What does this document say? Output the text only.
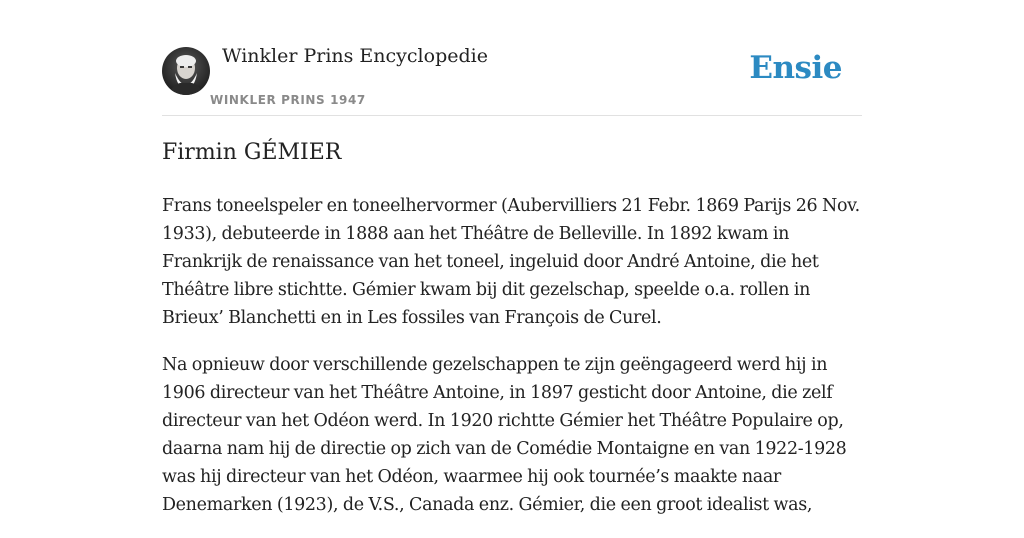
Winkler Prins Encyclopedie
WINKLER PRINS 1947
Ensie
Firmin GÉMIER

Frans toneelspeler en toneelhervormer (Aubervilliers 21 Febr. 1869 Parijs 26 Nov. 1933), debuteerde in 1888 aan het Théâtre de Belleville. In 1892 kwam in Frankrijk de renaissance van het toneel, ingeluid door André Antoine, die het Théâtre libre stichtte. Gémier kwam bij dit gezelschap, speelde o.a. rollen in Brieux’ Blanchetti en in Les fossiles van François de Curel.

Na opnieuw door verschillende gezelschappen te zijn geëngageerd werd hij in 1906 directeur van het Théâtre Antoine, in 1897 gesticht door Antoine, die zelf directeur van het Odéon werd. In 1920 richtte Gémier het Théâtre Populaire op, daarna nam hij de directie op zich van de Comédie Montaigne en van 1922-1928 was hij directeur van het Odéon, waarmee hij ook tournée’s maakte naar Denemarken (1923), de V.S., Canada enz. Gémier, die een groot idealist was,
